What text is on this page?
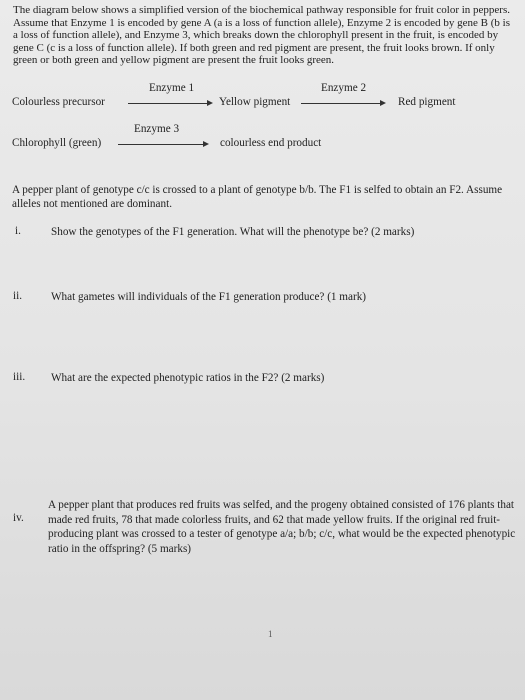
The diagram below shows a simplified version of the biochemical pathway responsible for fruit color in peppers. Assume that Enzyme 1 is encoded by gene A (a is a loss of function allele), Enzyme 2 is encoded by gene B (b is a loss of function allele), and Enzyme 3, which breaks down the chlorophyll present in the fruit, is encoded by gene C (c is a loss of function allele). If both green and red pigment are present, the fruit looks brown. If only green or both green and yellow pigment are present the fruit looks green.
Colourless precursor
Enzyme 1
Yellow pigment
Enzyme 2
Red pigment
Chlorophyll (green)
Enzyme 3
colourless end product
A pepper plant of genotype c/c is crossed to a plant of genotype b/b. The F1 is selfed to obtain an F2. Assume alleles not mentioned are dominant.
i.	Show the genotypes of the F1 generation. What will the phenotype be? (2 marks)
ii.	What gametes will individuals of the F1 generation produce? (1 mark)
iii. What are the expected phenotypic ratios in the F2? (2 marks)
iv.
A pepper plant that produces red fruits was selfed, and the progeny obtained consisted of 176 plants that made red fruits, 78 that made colorless fruits, and 62 that made yellow fruits. If the original red fruit-producing plant was crossed to a tester of genotype a/a; b/b; c/c, what would be the expected phenotypic ratio in the offspring? (5 marks)
1
